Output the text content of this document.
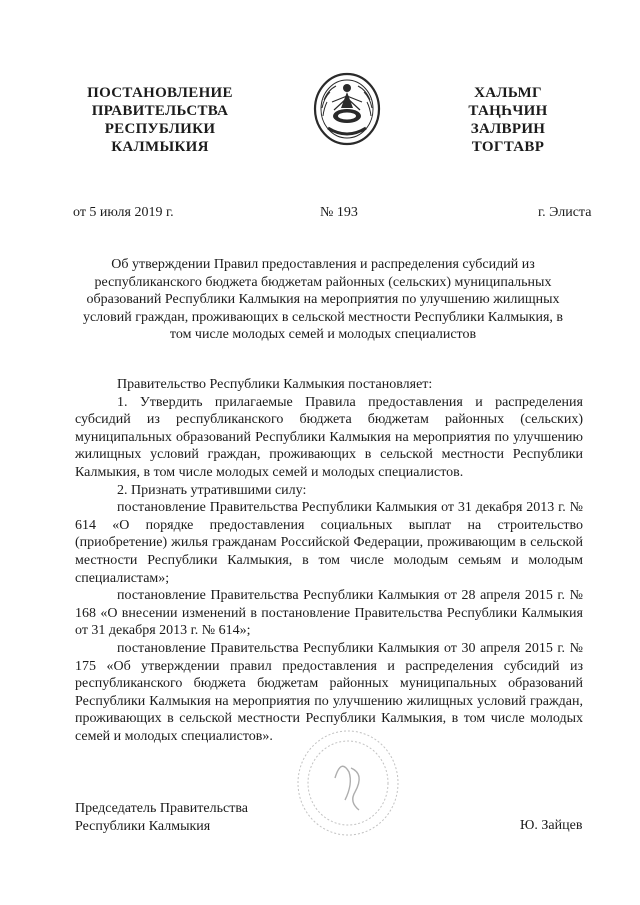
ПОСТАНОВЛЕНИЕ
ПРАВИТЕЛЬСТВА
РЕСПУБЛИКИ
КАЛМЫКИЯ
ХАЛЬМГ
ТАҢҺЧИН
ЗАЛВРИН
ТОГТАВР
от 5 июля 2019 г.	№ 193	г. Элиста
Об утверждении Правил предоставления и распределения субсидий из
республиканского бюджета бюджетам районных (сельских) муниципальных
образований Республики Калмыкия на мероприятия по улучшению жилищных
условий граждан, проживающих в сельской местности Республики Калмыкия, в
том числе молодых семей и молодых специалистов

Правительство Республики Калмыкия постановляет:

1. Утвердить прилагаемые Правила предоставления и распределения субсидий из республиканского бюджета бюджетам районных (сельских) муниципальных образований Республики Калмыкия на мероприятия по улучшению жилищных условий граждан, проживающих в сельской местности Республики Калмыкия, в том числе молодых семей и молодых специалистов.

2. Признать утратившими силу:

постановление Правительства Республики Калмыкия от 31 декабря 2013 г. № 614 «О порядке предоставления социальных выплат на строительство (приобретение) жилья гражданам Российской Федерации, проживающим в сельской местности Республики Калмыкия, в том числе молодым семьям и молодым специалистам»;

постановление Правительства Республики Калмыкия от 28 апреля 2015 г. № 168 «О внесении изменений в постановление Правительства Республики Калмыкия от 31 декабря 2013 г. № 614»;

постановление Правительства Республики Калмыкия от 30 апреля 2015 г. № 175 «Об утверждении правил предоставления и распределения субсидий из республиканского бюджета бюджетам районных муниципальных образований Республики Калмыкия на мероприятия по улучшению жилищных условий граждан, проживающих в сельской местности Республики Калмыкия, в том числе молодых семей и молодых специалистов».

Председатель Правительства
Республики Калмыкия	Ю. Зайцев
